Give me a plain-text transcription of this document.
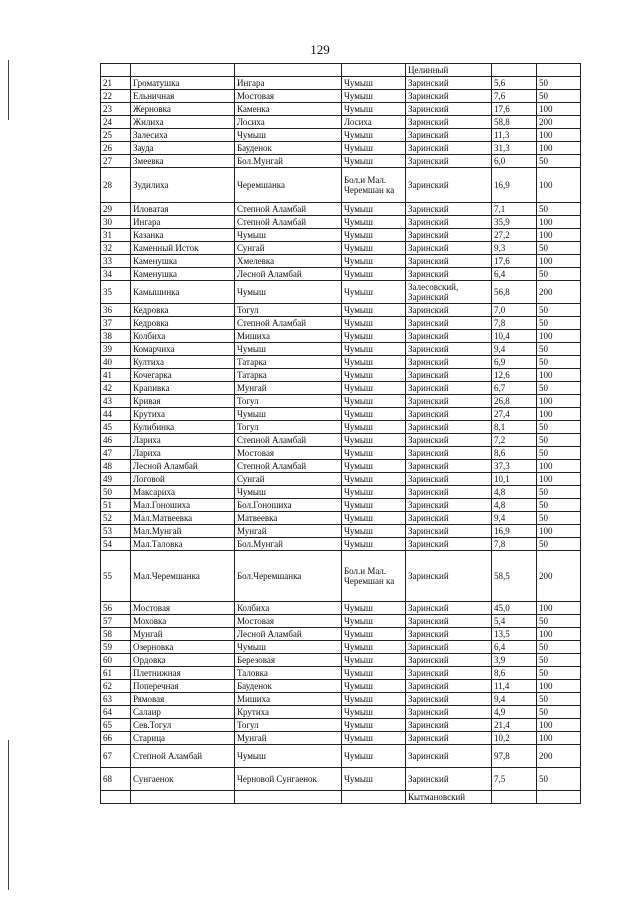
129
				Целинный		
21	Громатушка	Ингара	Чумыш	Заринский	5,6	50
22	Ельничная	Мостовая	Чумыш	Заринский	7,6	50
23	Жерновка	Каменка	Чумыш	Заринский	17,6	100
24	Жилиха	Лосиха	Лосиха	Заринский	58,8	200
25	Залесиха	Чумыш	Чумыш	Заринский	11,3	100
26	Зауда	Бауденок	Чумыш	Заринский	31,3	100
27	Змеевка	Бол.Мунгай	Чумыш	Заринский	6,0	50
28	Зудилиха	Черемшанка	Бол.и Мал. Черемшан ка	Заринский	16,9	100
29	Иловатая	Степной Аламбай	Чумыш	Заринский	7,1	50
30	Ингара	Степной Аламбай	Чумыш	Заринский	35,9	100
31	Казанка	Чумыш	Чумыш	Заринский	27,2	100
32	Каменный Исток	Сунгай	Чумыш	Заринский	9,3	50
33	Каменушка	Хмелевка	Чумыш	Заринский	17,6	100
34	Каменушка	Лесной Аламбай	Чумыш	Заринский	6,4	50
35	Камышинка	Чумыш	Чумыш	Залесовский, Заринский	56,8	200
36	Кедровка	Тогул	Чумыш	Заринский	7,0	50
37	Кедровка	Степной Аламбай	Чумыш	Заринский	7,8	50
38	Колбиха	Мишиха	Чумыш	Заринский	10,4	100
39	Комарчиха	Чумыш	Чумыш	Заринский	9,4	50
40	Култиха	Татарка	Чумыш	Заринский	6,9	50
41	Кочегарка	Татарка	Чумыш	Заринский	12,6	100
42	Крапивка	Мунгай	Чумыш	Заринский	6,7	50
43	Кривая	Тогул	Чумыш	Заринский	26,8	100
44	Крутиха	Чумыш	Чумыш	Заринский	27,4	100
45	Кулибинка	Тогул	Чумыш	Заринский	8,1	50
46	Лариха	Степной Аламбай	Чумыш	Заринский	7,2	50
47	Лариха	Мостовая	Чумыш	Заринский	8,6	50
48	Лесной Аламбай	Степной Аламбай	Чумыш	Заринский	37,3	100
49	Логовой	Сунгай	Чумыш	Заринский	10,1	100
50	Максариха	Чумыш	Чумыш	Заринский	4,8	50
51	Мал.Гоношиха	Бол.Гоношиха	Чумыш	Заринский	4,8	50
52	Мал.Матвеевка	Матвеевка	Чумыш	Заринский	9,4	50
53	Мал.Мунгай	Мунгай	Чумыш	Заринский	16,9	100
54	Мал.Таловка	Бол.Мунгай	Чумыш	Заринский	7,8	50
55	Мал.Черемшанка	Бол.Черемшанка	Бол.и Мал. Черемшан ка	Заринский	58,5	200
56	Мостовая	Колбиха	Чумыш	Заринский	45,0	100
57	Моховка	Мостовая	Чумыш	Заринский	5,4	50
58	Мунгай	Лесной Аламбай	Чумыш	Заринский	13,5	100
59	Озерновка	Чумыш	Чумыш	Заринский	6,4	50
60	Ордовка	Березовая	Чумыш	Заринский	3,9	50
61	Плетнижная	Таловка	Чумыш	Заринский	8,6	50
62	Поперечная	Бауденок	Чумыш	Заринский	11,4	100
63	Рямовая	Мишиха	Чумыш	Заринский	9,4	50
64	Салаир	Крутиха	Чумыш	Заринский	4,9	50
65	Сев.Тогул	Тогул	Чумыш	Заринский	21,4	100
66	Старица	Мунгай	Чумыш	Заринский	10,2	100
67	Степной Аламбай	Чумыш	Чумыш	Заринский	97,8	200
68	Сунгаенок	Черновой Сунгаенок	Чумыш	Заринский	7,5	50
				Кытмановский		
